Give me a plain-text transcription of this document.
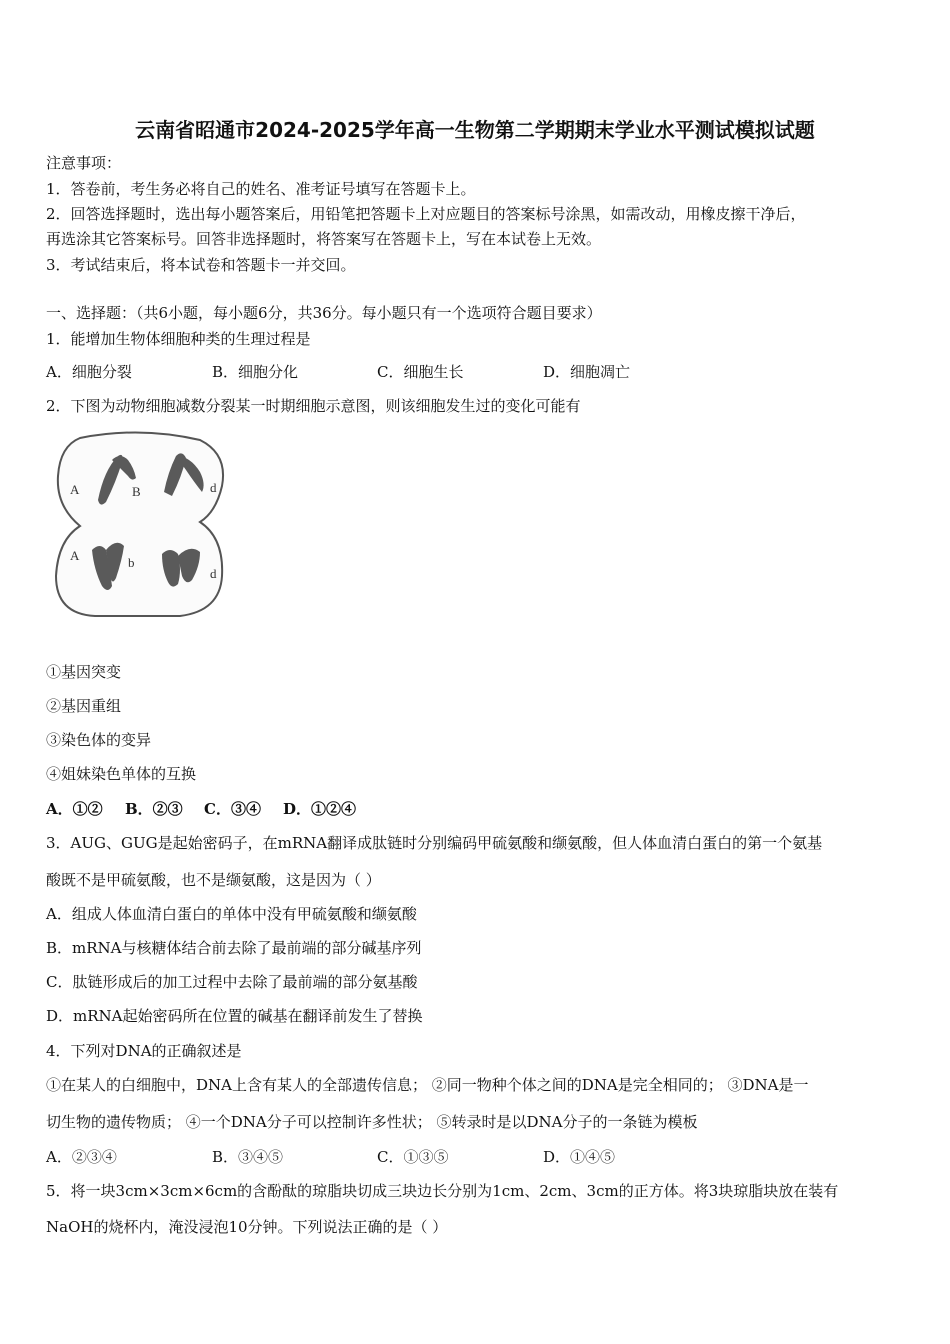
云南省昭通市2024-2025学年高一生物第二学期期末学业水平测试模拟试题
注意事项：
1．答卷前，考生务必将自己的姓名、准考证号填写在答题卡上。
2．回答选择题时，选出每小题答案后，用铅笔把答题卡上对应题目的答案标号涂黑，如需改动，用橡皮擦干净后，
再选涂其它答案标号。回答非选择题时，将答案写在答题卡上，写在本试卷上无效。
3．考试结束后，将本试卷和答题卡一并交回。
一、选择题：（共6小题，每小题6分，共36分。每小题只有一个选项符合题目要求）
1．能增加生物体细胞种类的生理过程是
A．细胞分裂	B．细胞分化	C．细胞生长	D．细胞凋亡
2．下图为动物细胞减数分裂某一时期细胞示意图，则该细胞发生过的变化可能有
A	B	d
A	b
d
①基因突变
②基因重组
③染色体的变异
④姐妹染色单体的互换
A．①② B．②③ C．③④ D．①②④
3．AUG、GUG是起始密码子，在mRNA翻译成肽链时分别编码甲硫氨酸和缬氨酸，但人体血清白蛋白的第一个氨基
酸既不是甲硫氨酸，也不是缬氨酸，这是因为（ ）
A．组成人体血清白蛋白的单体中没有甲硫氨酸和缬氨酸
B．mRNA与核糖体结合前去除了最前端的部分碱基序列
C．肽链形成后的加工过程中去除了最前端的部分氨基酸
D．mRNA起始密码所在位置的碱基在翻译前发生了替换
4．下列对DNA的正确叙述是
①在某人的白细胞中，DNA上含有某人的全部遗传信息； ②同一物种个体之间的DNA是完全相同的； ③DNA是一
切生物的遗传物质； ④一个DNA分子可以控制许多性状； ⑤转录时是以DNA分子的一条链为模板
A．②③④	B．③④⑤	C．①③⑤	D．①④⑤
5．将一块3cm×3cm×6cm的含酚酞的琼脂块切成三块边长分别为1cm、2cm、3cm的正方体。将3块琼脂块放在装有
NaOH的烧杯内，淹没浸泡10分钟。下列说法正确的是（ ）
